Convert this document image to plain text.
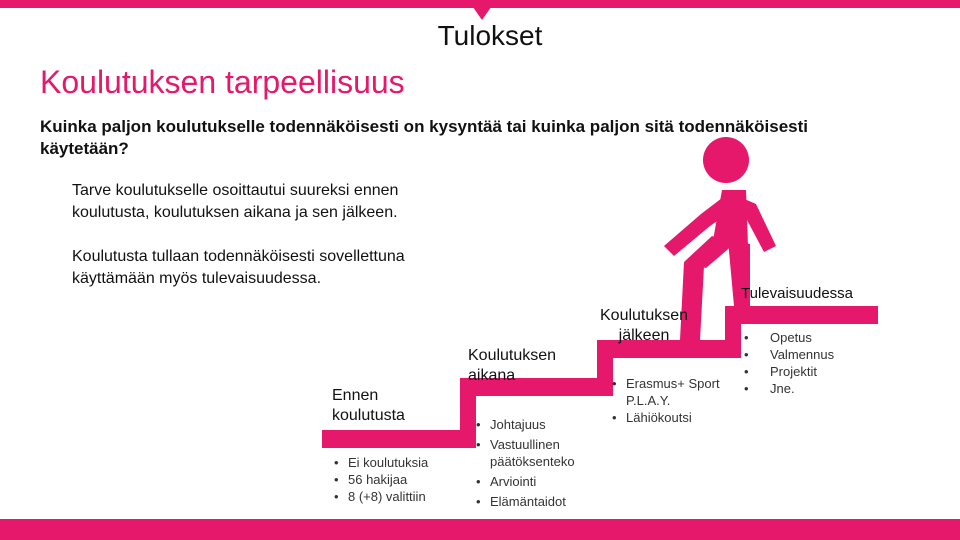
Tulokset
Koulutuksen tarpeellisuus
Kuinka paljon koulutukselle todennäköisesti on kysyntää tai kuinka paljon sitä todennäköisesti käytetään?
Tarve koulutukselle osoittautui suureksi ennen koulutusta, koulutuksen aikana ja sen jälkeen.
Koulutusta tullaan todennäköisesti sovellettuna käyttämään myös tulevaisuudessa.
Ennen
koulutusta
• Ei koulutuksia
• 56 hakijaa
• 8 (+8) valittiin
Koulutuksen
aikana
• Johtajuus
• Vastuullinen päätöksenteko
• Arviointi
• Elämäntaidot
Koulutuksen
jälkeen
• Erasmus+ Sport P.L.A.Y.
• Lähiökoutsi
Tulevaisuudessa
• Opetus
• Valmennus
• Projektit
• Jne.
